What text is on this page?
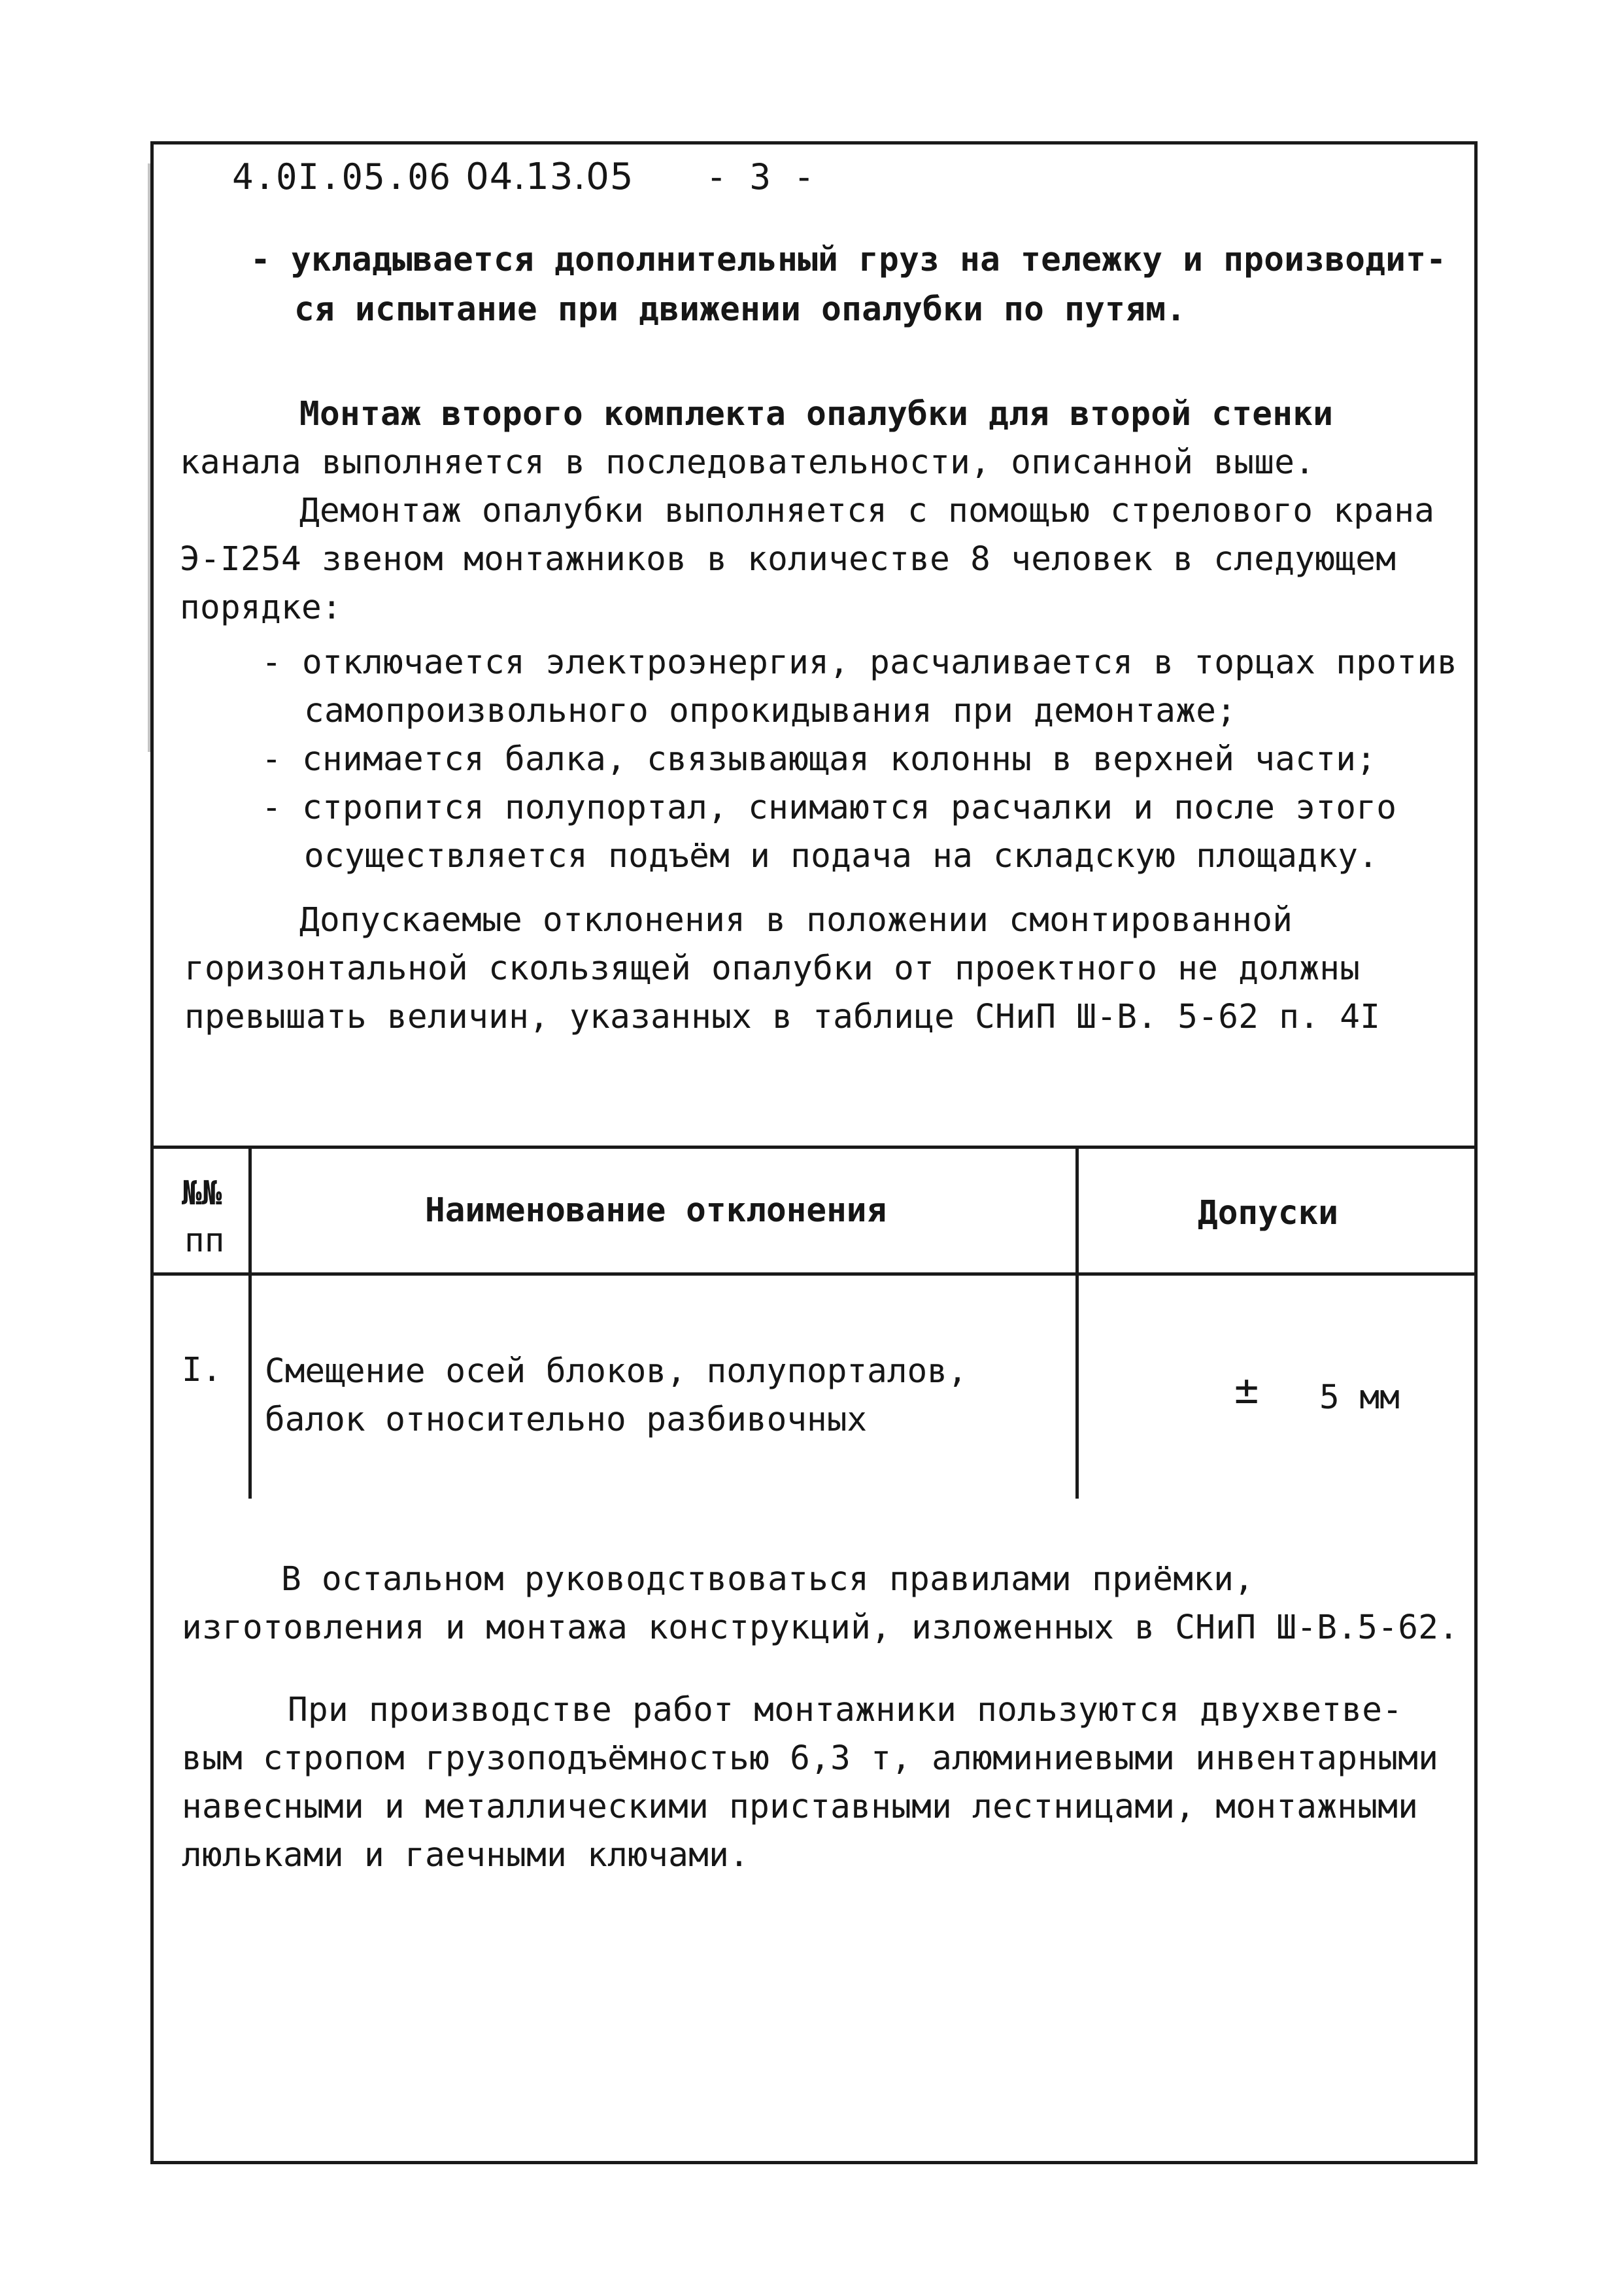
4.0I.05.06 04.13.05 - 3 -
- укладывается дополнительный груз на тележку и производит-
ся испытание при движении опалубки по путям.
Монтаж второго комплекта опалубки для второй стенки
канала выполняется в последовательности, описанной выше.
Демонтаж опалубки выполняется с помощью стрелового крана
Э-I254 звеном монтажников в количестве 8 человек в следующем
порядке:
- отключается электроэнергия, расчаливается в торцах против
самопроизвольного опрокидывания при демонтаже;
- снимается балка, связывающая колонны в верхней части;
- стропится полупортал, снимаются расчалки и после этого
осуществляется подъём и подача на складскую площадку.
Допускаемые отклонения в положении смонтированной
горизонтальной скользящей опалубки от проектного не должны
превышать величин, указанных в таблице СНиП Ш-В. 5-62 п. 4I
№№
пп
Наименование отклонения	Допуски
I. Смещение осей блоков, полупорталов,
балок относительно разбивочных
± 5 мм
В остальном руководствоваться правилами приёмки,
изготовления и монтажа конструкций, изложенных в СНиП Ш-В.5-62.
При производстве работ монтажники пользуются двухветве-
вым стропом грузоподъёмностью 6,3 т, алюминиевыми инвентарными
навесными и металлическими приставными лестницами, монтажными
люльками и гаечными ключами.
